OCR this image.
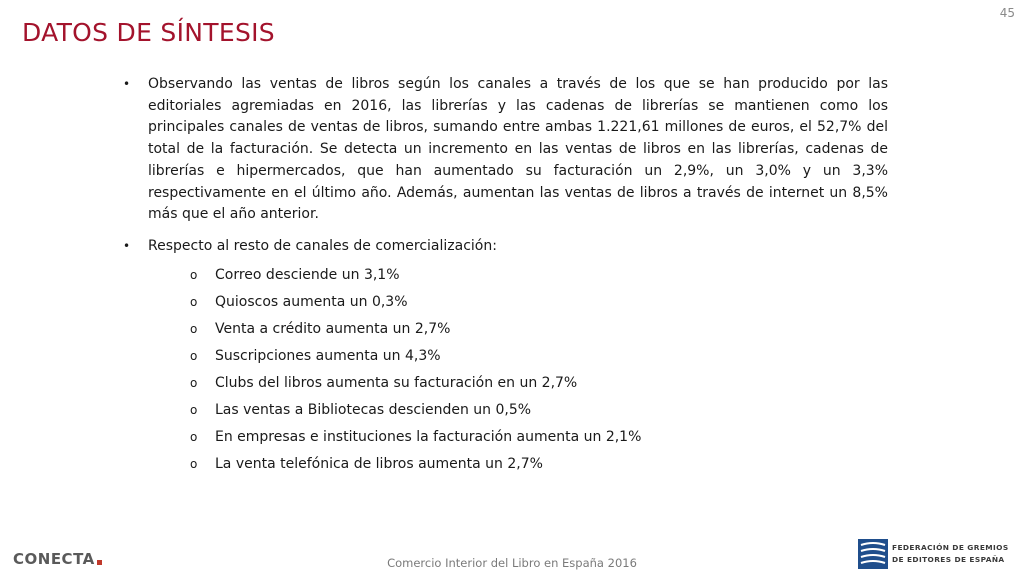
45
DATOS DE SÍNTESIS
• Observando las ventas de libros según los canales a través de los que se han producido por las editoriales agremiadas en 2016, las librerías y las cadenas de librerías se mantienen como los principales canales de ventas de libros, sumando entre ambas 1.221,61 millones de euros, el 52,7% del total de la facturación. Se detecta un incremento en las ventas de libros en las librerías, cadenas de librerías e hipermercados, que han aumentado su facturación un 2,9%, un 3,0% y un 3,3% respectivamente en el último año. Además, aumentan las ventas de libros a través de internet un 8,5% más que el año anterior.
• Respecto al resto de canales de comercialización:
o Correo desciende un 3,1%
o Quioscos aumenta un 0,3%
o Venta a crédito aumenta un 2,7%
o Suscripciones aumenta un 4,3%
o Clubs del libros aumenta su facturación en un 2,7%
o Las ventas a Bibliotecas descienden un 0,5%
o En empresas e instituciones la facturación aumenta un 2,1%
o La venta telefónica de libros aumenta un 2,7%
CONECTA	Comercio Interior del Libro en España 2016
FEDERACIÓN DE GREMIOS
DE EDITORES DE ESPAÑA
